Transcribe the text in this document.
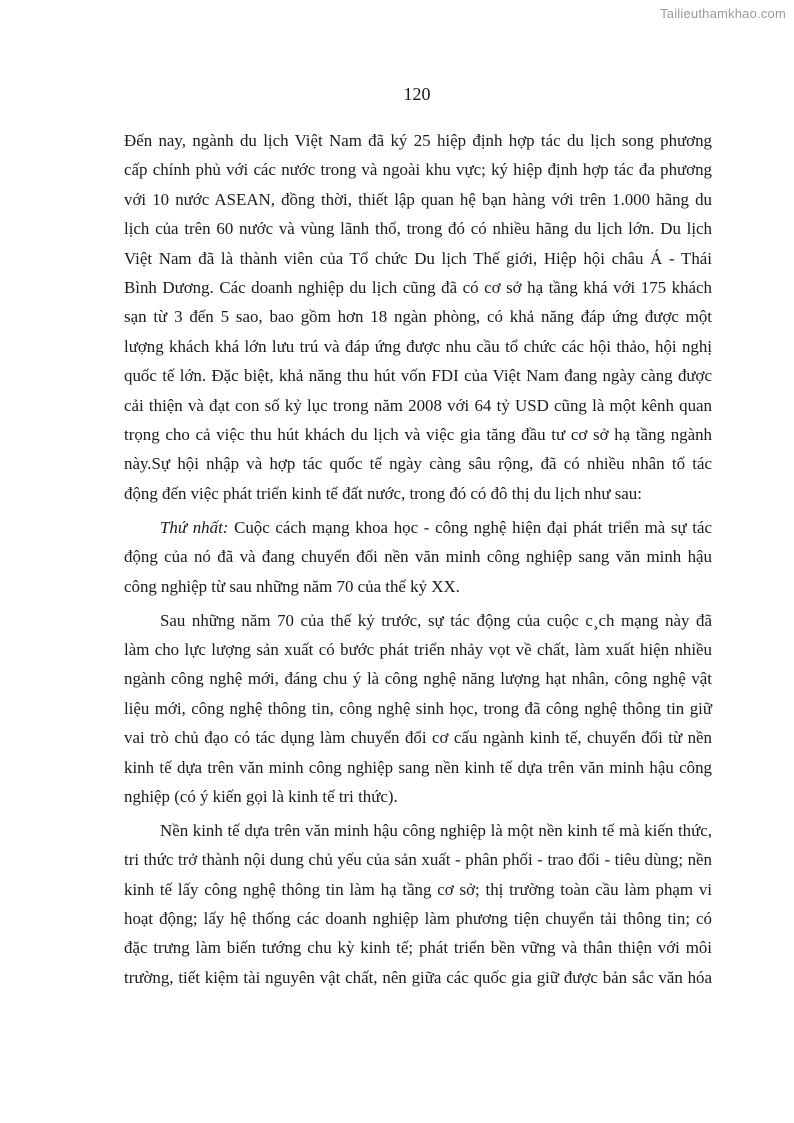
Tailieuthamkhao.com
120
Đến nay, ngành du lịch Việt Nam đã ký 25 hiệp định hợp tác du lịch song phương
cấp chính phủ với các nước trong và ngoài khu vực; ký hiệp định hợp tác đa phương
với 10 nước ASEAN, đồng thời, thiết lập quan hệ bạn hàng với trên 1.000 hãng du
lịch của trên 60 nước và vùng lãnh thổ, trong đó có nhiều hãng du lịch lớn. Du lịch
Việt Nam đã là thành viên của Tổ chức Du lịch Thế giới, Hiệp hội châu Á - Thái
Bình Dương. Các doanh nghiệp du lịch cũng đã có cơ sở hạ tầng khá với 175 khách
sạn từ 3 đến 5 sao, bao gồm hơn 18 ngàn phòng, có khả năng đáp ứng được một
lượng khách khá lớn lưu trú và đáp ứng được nhu cầu tổ chức các hội thảo, hội nghị
quốc tế lớn. Đặc biệt, khả năng thu hút vốn FDI của Việt Nam đang ngày càng được
cải thiện và đạt con số kỷ lục trong năm 2008 với 64 tỷ USD cũng là một kênh quan
trọng cho cả việc thu hút khách du lịch và việc gia tăng đầu tư cơ sở hạ tầng ngành
này.Sự hội nhập và hợp tác quốc tế ngày càng sâu rộng, đã có nhiều nhân tố tác
động đến việc phát triển kinh tế đất nước, trong đó có đô thị du lịch như sau:
Thứ nhất: Cuộc cách mạng khoa học - công nghệ hiện đại phát triển mà sự tác
động của nó đã và đang chuyển đổi nền văn minh công nghiệp sang văn minh hậu
công nghiệp từ sau những năm 70 của thế kỷ XX.
Sau những năm 70 của thế kỷ trước, sự tác động của cuộc c¸ch mạng này đã
làm cho lực lượng sản xuất có bước phát triển nhảy vọt về chất, làm xuất hiện nhiều
ngành công nghệ mới, đáng chu ý là công nghệ năng lượng hạt nhân, công nghệ vật
liệu mới, công nghệ thông tin, công nghệ sinh học, trong đã công nghệ thông tin giữ
vai trò chủ đạo có tác dụng làm chuyển đổi cơ cấu ngành kinh tế, chuyển đổi từ nền
kinh tế dựa trên văn minh công nghiệp sang nền kinh tế dựa trên văn minh hậu công
nghiệp (có ý kiến gọi là kinh tế tri thức).
Nền kinh tế dựa trên văn minh hậu công nghiệp là một nền kinh tế mà kiến thức,
tri thức trở thành nội dung chủ yếu của sản xuất - phân phối - trao đổi - tiêu dùng; nền
kinh tế lấy công nghệ thông tin làm hạ tầng cơ sở; thị trường toàn cầu làm phạm vi
hoạt động; lấy hệ thống các doanh nghiệp làm phương tiện chuyển tải thông tin; có
đặc trưng làm biến tướng chu kỳ kinh tế; phát triển bền vững và thân thiện với môi
trường, tiết kiệm tài nguyên vật chất, nên giữa các quốc gia giữ được bản sắc văn hóa
